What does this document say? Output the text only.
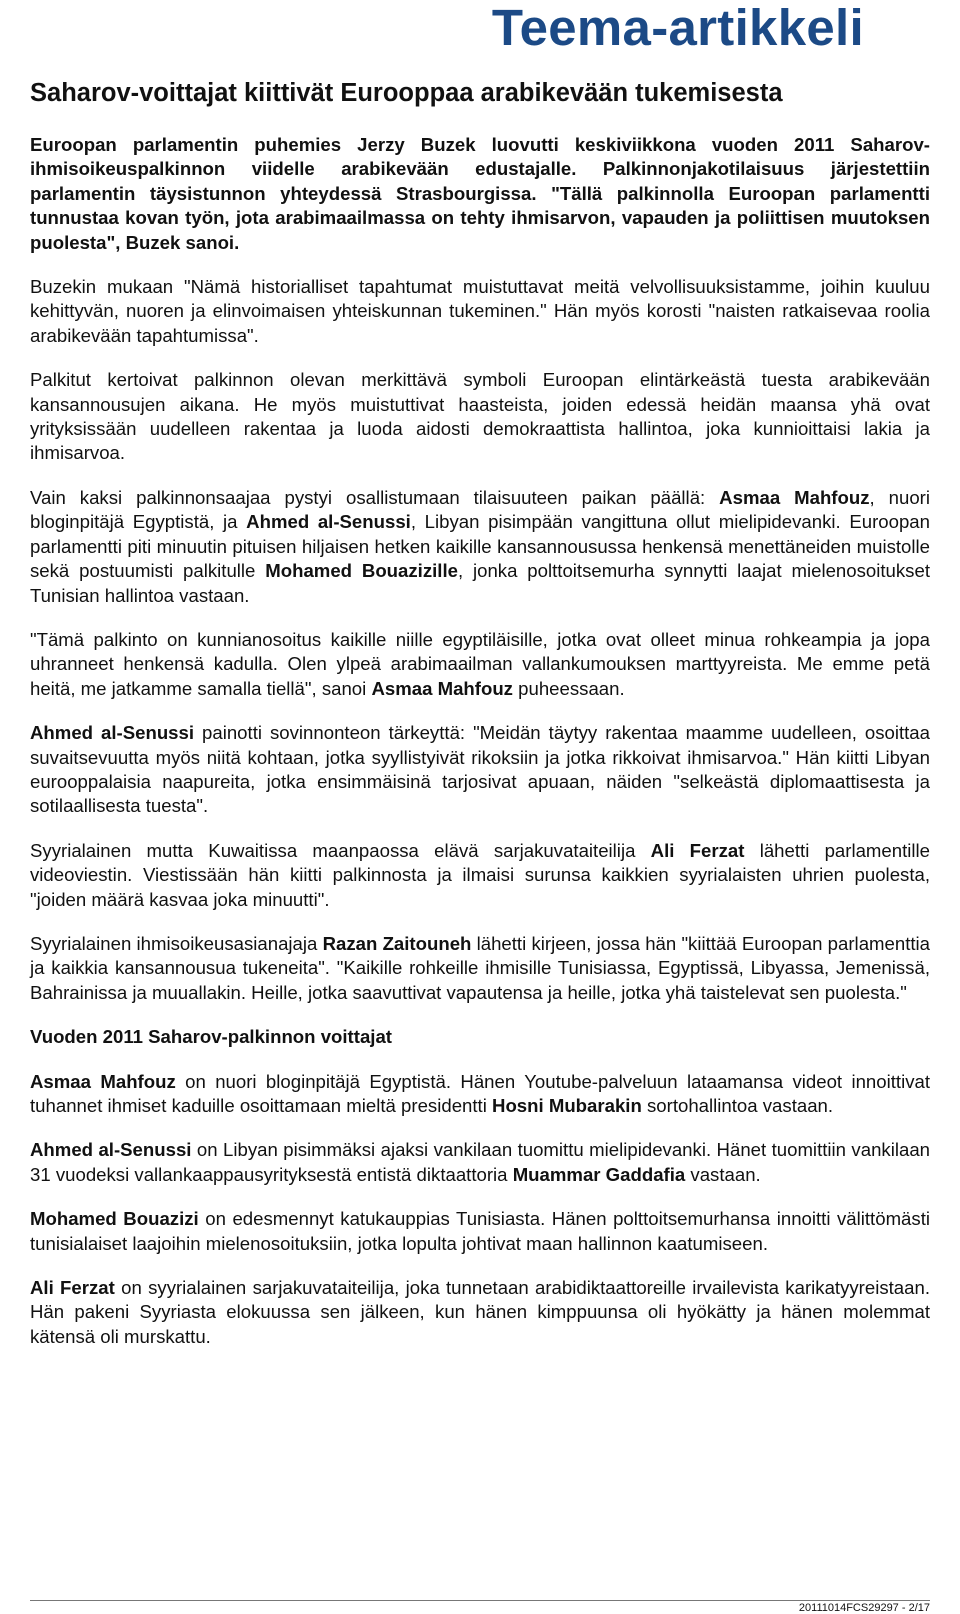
Teema-artikkeli
Saharov-voittajat kiittivät Eurooppaa arabikevään tukemisesta

Euroopan parlamentin puhemies Jerzy Buzek luovutti keskiviikkona vuoden 2011 Saharov-ihmisoikeuspalkinnon viidelle arabikevään edustajalle. Palkinnonjakotilaisuus järjestettiin parlamentin täysistunnon yhteydessä Strasbourgissa. "Tällä palkinnolla Euroopan parlamentti tunnustaa kovan työn, jota arabimaailmassa on tehty ihmisarvon, vapauden ja poliittisen muutoksen puolesta", Buzek sanoi.

Buzekin mukaan "Nämä historialliset tapahtumat muistuttavat meitä velvollisuuksistamme, joihin kuuluu kehittyvän, nuoren ja elinvoimaisen yhteiskunnan tukeminen." Hän myös korosti "naisten ratkaisevaa roolia arabikevään tapahtumissa".

Palkitut kertoivat palkinnon olevan merkittävä symboli Euroopan elintärkeästä tuesta arabikevään kansannousujen aikana. He myös muistuttivat haasteista, joiden edessä heidän maansa yhä ovat yrityksissään uudelleen rakentaa ja luoda aidosti demokraattista hallintoa, joka kunnioittaisi lakia ja ihmisarvoa.

Vain kaksi palkinnonsaajaa pystyi osallistumaan tilaisuuteen paikan päällä: Asmaa Mahfouz, nuori bloginpitäjä Egyptistä, ja Ahmed al-Senussi, Libyan pisimpään vangittuna ollut mielipidevanki. Euroopan parlamentti piti minuutin pituisen hiljaisen hetken kaikille kansannousussa henkensä menettäneiden muistolle sekä postuumisti palkitulle Mohamed Bouazizille, jonka polttoitsemurha synnytti laajat mielenosoitukset Tunisian hallintoa vastaan.

"Tämä palkinto on kunnianosoitus kaikille niille egyptiläisille, jotka ovat olleet minua rohkeampia ja jopa uhranneet henkensä kadulla. Olen ylpeä arabimaailman vallankumouksen marttyyreista. Me emme petä heitä, me jatkamme samalla tiellä", sanoi Asmaa Mahfouz puheessaan.

Ahmed al-Senussi painotti sovinnonteon tärkeyttä: "Meidän täytyy rakentaa maamme uudelleen, osoittaa suvaitsevuutta myös niitä kohtaan, jotka syyllistyivät rikoksiin ja jotka rikkoivat ihmisarvoa." Hän kiitti Libyan eurooppalaisia naapureita, jotka ensimmäisinä tarjosivat apuaan, näiden "selkeästä diplomaattisesta ja sotilaallisesta tuesta".

Syyrialainen mutta Kuwaitissa maanpaossa elävä sarjakuvataiteilija Ali Ferzat lähetti parlamentille videoviestin. Viestissään hän kiitti palkinnosta ja ilmaisi surunsa kaikkien syyrialaisten uhrien puolesta, "joiden määrä kasvaa joka minuutti".

Syyrialainen ihmisoikeusasianajaja Razan Zaitouneh lähetti kirjeen, jossa hän "kiittää Euroopan parlamenttia ja kaikkia kansannousua tukeneita". "Kaikille rohkeille ihmisille Tunisiassa, Egyptissä, Libyassa, Jemenissä, Bahrainissa ja muuallakin. Heille, jotka saavuttivat vapautensa ja heille, jotka yhä taistelevat sen puolesta."

Vuoden 2011 Saharov-palkinnon voittajat

Asmaa Mahfouz on nuori bloginpitäjä Egyptistä. Hänen Youtube-palveluun lataamansa videot innoittivat tuhannet ihmiset kaduille osoittamaan mieltä presidentti Hosni Mubarakin sortohallintoa vastaan.

Ahmed al-Senussi on Libyan pisimmäksi ajaksi vankilaan tuomittu mielipidevanki. Hänet tuomittiin vankilaan 31 vuodeksi vallankaappausyrityksestä entistä diktaattoria Muammar Gaddafia vastaan.

Mohamed Bouazizi on edesmennyt katukauppias Tunisiasta. Hänen polttoitsemurhansa innoitti välittömästi tunisialaiset laajoihin mielenosoituksiin, jotka lopulta johtivat maan hallinnon kaatumiseen.

Ali Ferzat on syyrialainen sarjakuvataiteilija, joka tunnetaan arabidiktaattoreille irvailevista karikatyyreistaan. Hän pakeni Syyriasta elokuussa sen jälkeen, kun hänen kimppuunsa oli hyökätty ja hänen molemmat kätensä oli murskattu.

20111014FCS29297 - 2/17
